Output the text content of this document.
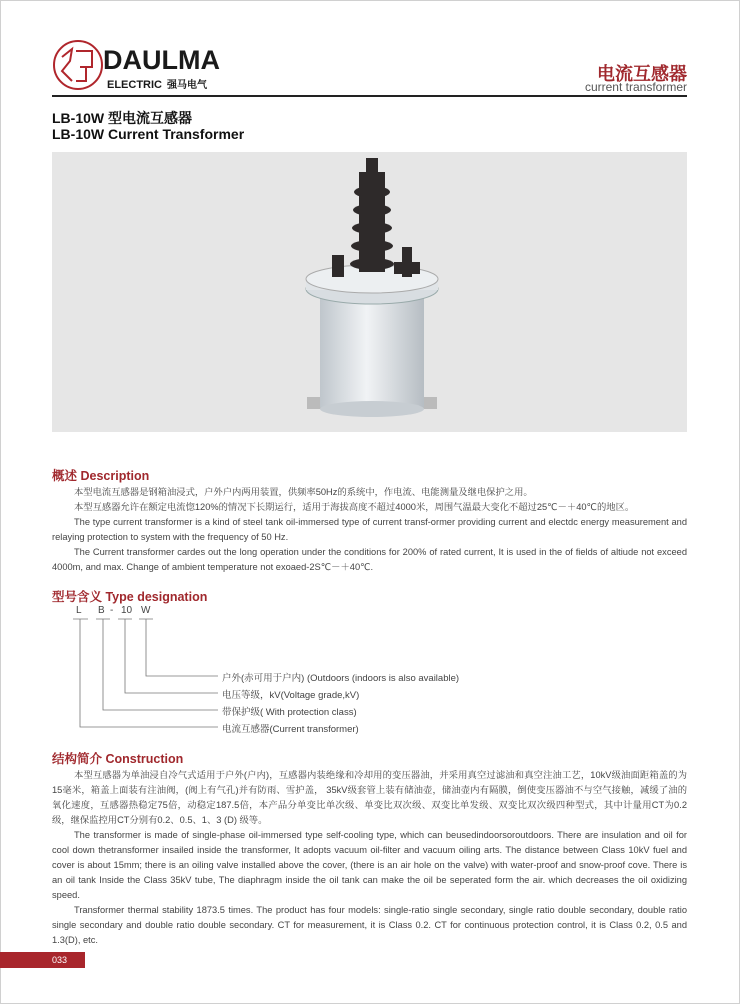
DAULMA
ELECTRIC 强马电气
电流互感器
current transformer
LB-10W 型电流互感器
LB-10W Current Transformer
概述 Description

本型电流互感器是钢箱油浸式，户外户内两用装置，供频率50Hz的系统中，作电流、电能测量及继电保护之用。

本型互感器允许在额定电流惚120%的情况下长期运行，适用于海拔高度不超过4000米，周围气温最大变化不超过25℃－＋40℃的地区。

The type current transformer is a kind of steel tank oil-immersed type of current transf-ormer providing current and electdc energy measurement and relaying protection to system with the frequency of 50 Hz.

The Current transformer cardes out the long operation under the conditions for 200% of rated current, It is used in the of fields of altiude not exceed 4000m, and max. Change of ambient temperature not exoaed-2S℃－＋40℃.

型号含义 Type designation
L B - 10 W
户外(赤可用于户内) (Outdoors (indoors is also available)
电压等级，kV(Voltage grade,kV)
带保护级( With protection class)
电流互感器(Current transformer)
结构简介 Construction

本型互感器为单油浸自冷气式适用于户外(户内)，互感器内装绝缘和冷却用的变压器油，并采用真空过滤油和真空注油工艺，10kV级油面距箱盖的为15毫米，箱盖上面装有注油阀，(阀上有气孔)并有防雨、雪护盖， 35kV级套管上装有储油壶，储油壶内有隔膜，倒使变压器油不与空气接触，减缓了油的氧化速度，互感器热稳定75倍，动稳定187.5倍，本产品分单变比单次级、单变比双次级、双变比单发级、双变比双次级四种型式，其中计量用CT为0.2级，继保监控用CT分别有0.2、0.5、1、3 (D) 级等。

The transformer is made of single-phase oil-immersed type self-cooling type, which can beusedindoorsoroutdoors. There are insulation and oil for cool down thetransformer insailed inside the transformer, It adopts vacuum oil-filter and vacuum oiling arts. The distance between Class 10kV fuel and cover is about 15mm; there is an oiling valve installed above the cover, (there is an air hole on the valve) with water-proof and snow-proof cove. There is an oil tank Inside the Class 35kV tube, The diaphragm inside the oil tank can make the oil be seperated form the air. which decreases the oil oxidizing speed.

Transformer thermal stability 1873.5 times. The product has four models: single-ratio single secondary, single ratio double secondary, double ratio single secondary and double ratio double secondary. CT for measurement, it is Class 0.2. CT for continuous protection control, it is Class 0.2, 0.5 and 1.3(D), etc.

033
